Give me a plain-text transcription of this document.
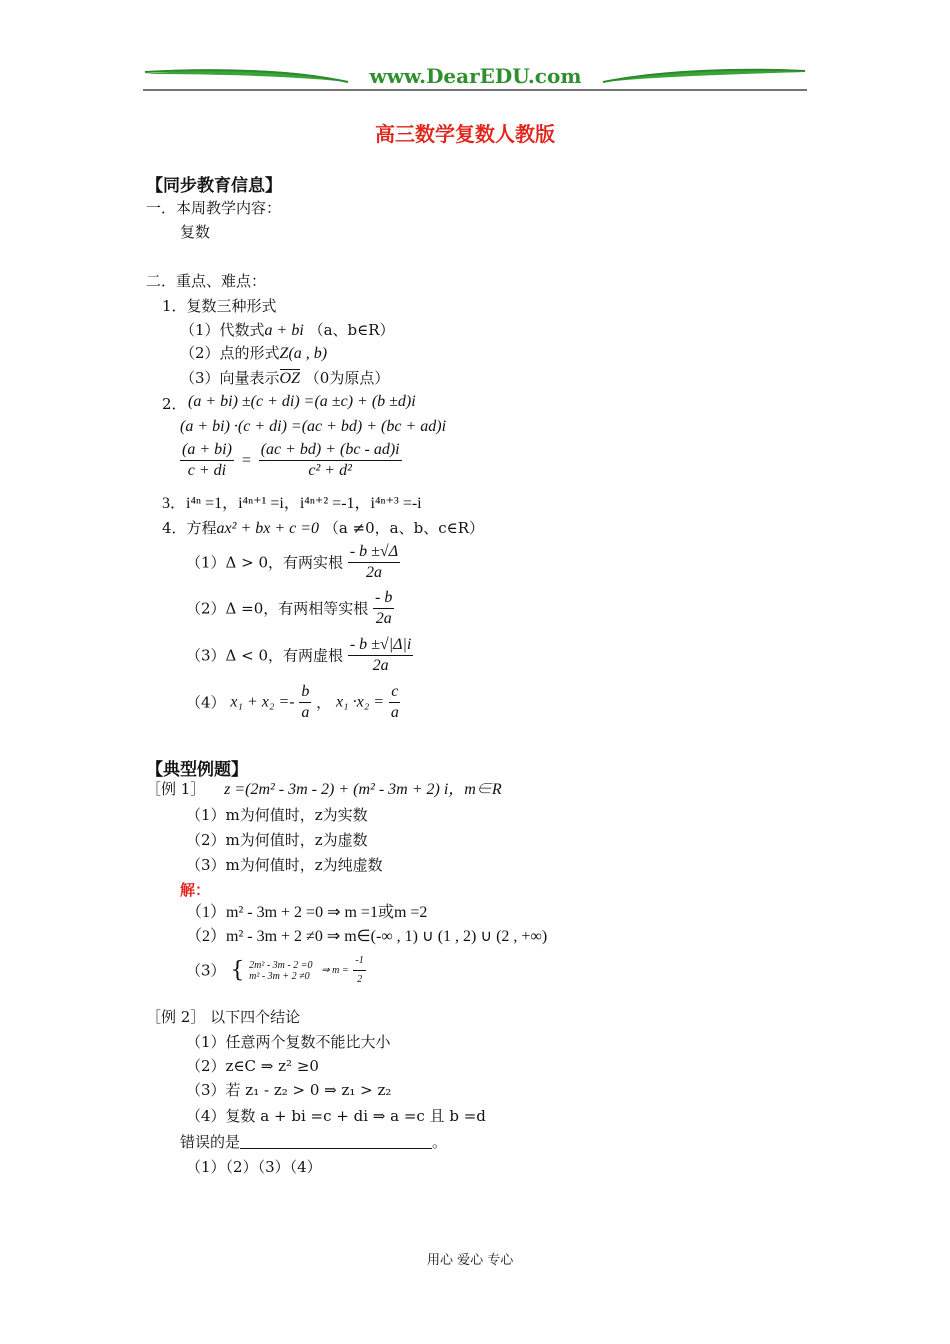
www.DearEDU.com
高三数学复数人教版
【同步教育信息】
一．本周教学内容：
复数
二．重点、难点：
1．复数三种形式
（1）代数式a + bi （a、b∈R）
（2）点的形式Z(a , b)
（3）向量表示OZ （0为原点）
2． (a + bi) ±(c + di) =(a ±c) + (b ±d)i
(a + bi) ·(c + di) =(ac + bd) + (bc + ad)i
$\frac{(a + bi)}{c + di} = \frac{(ac + bd) + (bc - ad)i}{\text{c² + d²}}$
3．i⁴ⁿ =1，i⁴ⁿ⁺¹ =i，i⁴ⁿ⁺² =-1，i⁴ⁿ⁺³ =-i
4．方程ax² + bx + c =0 （a ≠0，a、b、c∈R）
（1）Δ > 0，有两实根 $\frac{- b \pm√\Delta}{2a}$
（2）Δ =0，有两相等实根 $\frac{- b}{2a}$
（3）Δ < 0，有两虚根 $\frac{- b \pm√|\Delta|i}{2a}$
（4） $x_1 + x_2 =- \frac{b}{a}$ ， $x_1 \cdot x_2 = \frac{c}{a}$
【典型例题】
［例 1］ z =(2m² - 3m - 2) + (m² - 3m + 2) i，m∈R
（1）m为何值时，z为实数
（2）m为何值时，z为虚数
（3）m为何值时，z为纯虚数
解：
（1）m² - 3m + 2 =0 ⇒ m =1或m =2
（2）m² - 3m + 2 ≠0 ⇒ m∈(-∞ , 1) ∪ (1 , 2) ∪ (2 , +∞)
（3） { 2m² - 3m - 2 =0
m² - 3m + 2 ≠0
⇒ $m = \frac{-1}{2}$
［例 2］ 以下四个结论
（1）任意两个复数不能比大小
（2）z∈C ⇒ z² ≥0
（3）若 z₁ - z₂ > 0 ⇒ z₁ > z₂
（4）复数 a + bi =c + di ⇒ a =c 且 b =d
错误的是	。
（1）（2）（3）（4）
用心 爱心 专心
